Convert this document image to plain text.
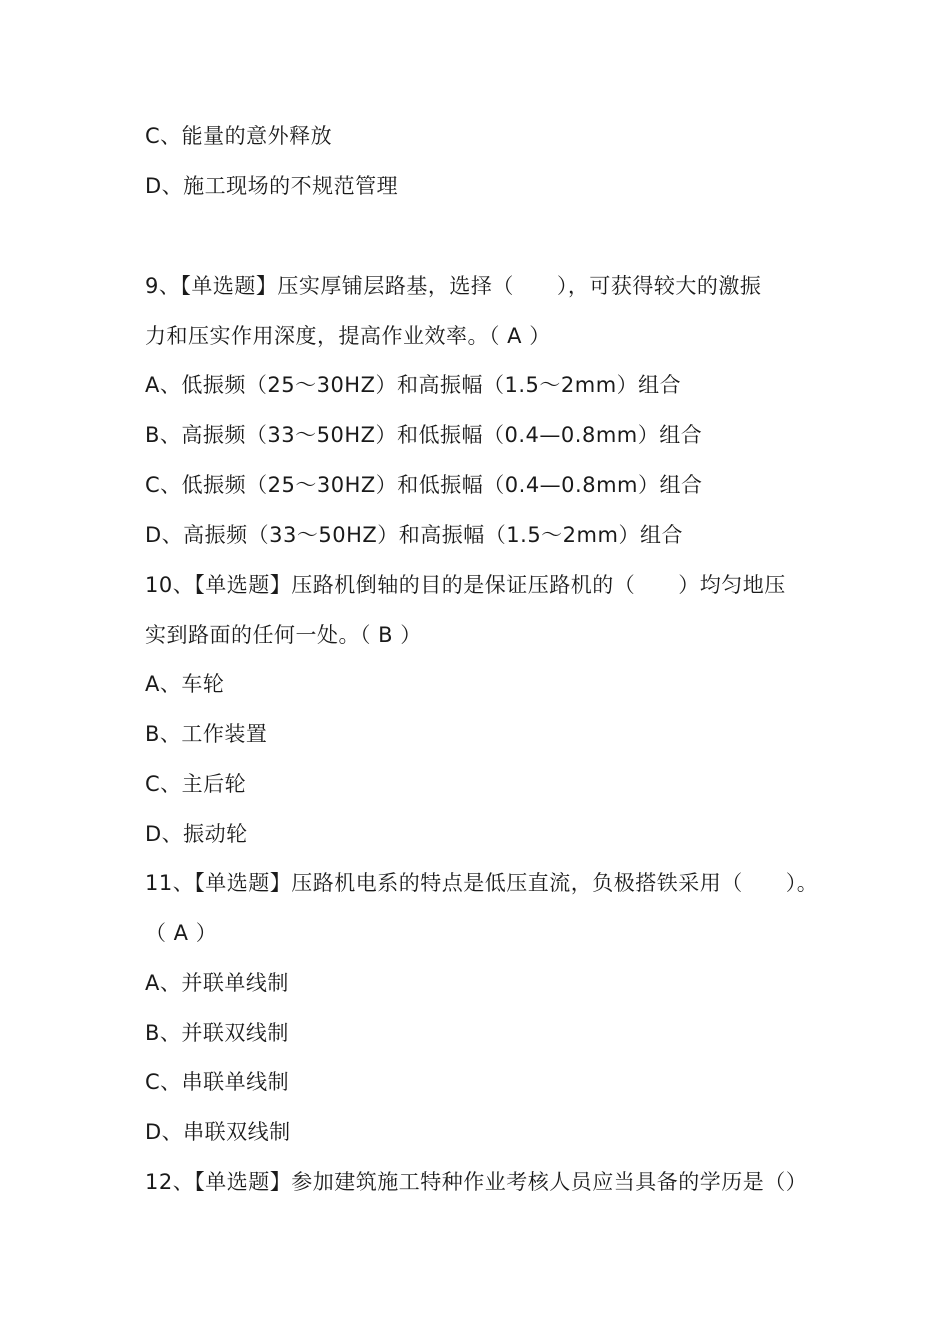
C、能量的意外释放
D、施工现场的不规范管理
9、【单选题】压实厚铺层路基，选择（　　），可获得较大的激振
力和压实作用深度，提高作业效率。（ A ）
A、低振频（25～30HZ）和高振幅（1.5～2mm）组合
B、高振频（33～50HZ）和低振幅（0.4—0.8mm）组合
C、低振频（25～30HZ）和低振幅（0.4—0.8mm）组合
D、高振频（33～50HZ）和高振幅（1.5～2mm）组合
10、【单选题】压路机倒轴的目的是保证压路机的（　　）均匀地压
实到路面的任何一处。（ B ）
A、车轮
B、工作装置
C、主后轮
D、振动轮
11、【单选题】压路机电系的特点是低压直流，负极搭铁采用（　　）。
（ A ）
A、并联单线制
B、并联双线制
C、串联单线制
D、串联双线制
12、【单选题】参加建筑施工特种作业考核人员应当具备的学历是（）
